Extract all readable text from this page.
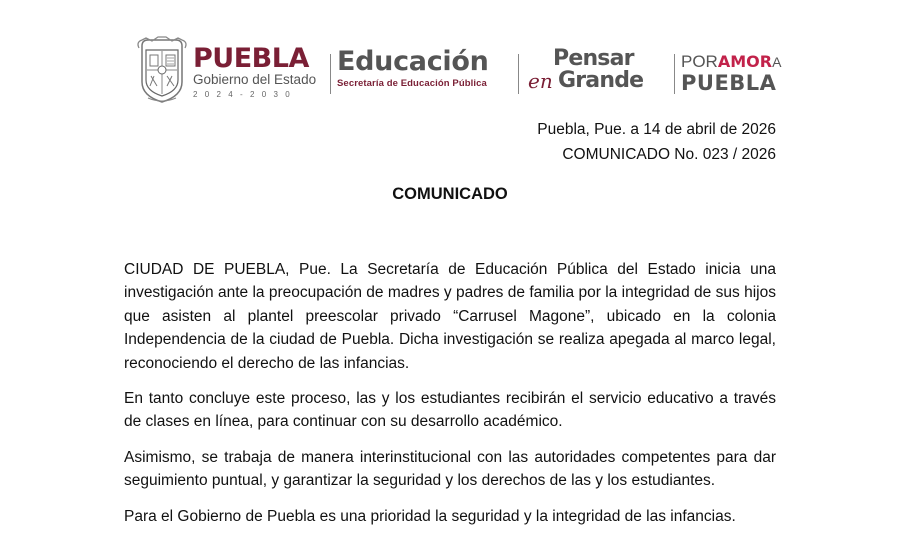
PUEBLA
Gobierno del Estado
2024-2030
Educación
Secretaría de Educación Pública
Pensar
en Grande
PORAMORA
PUEBLA
Puebla, Pue. a 14 de abril de 2026
COMUNICADO No. 023 / 2026
COMUNICADO

CIUDAD DE PUEBLA, Pue. La Secretaría de Educación Pública del Estado inicia una investigación ante la preocupación de madres y padres de familia por la integridad de sus hijos que asisten al plantel preescolar privado “Carrusel Magone”, ubicado en la colonia Independencia de la ciudad de Puebla. Dicha investigación se realiza apegada al marco legal, reconociendo el derecho de las infancias.

En tanto concluye este proceso, las y los estudiantes recibirán el servicio educativo a través de clases en línea, para continuar con su desarrollo académico.

Asimismo, se trabaja de manera interinstitucional con las autoridades competentes para dar seguimiento puntual, y garantizar la seguridad y los derechos de las y los estudiantes.

Para el Gobierno de Puebla es una prioridad la seguridad y la integridad de las infancias.
